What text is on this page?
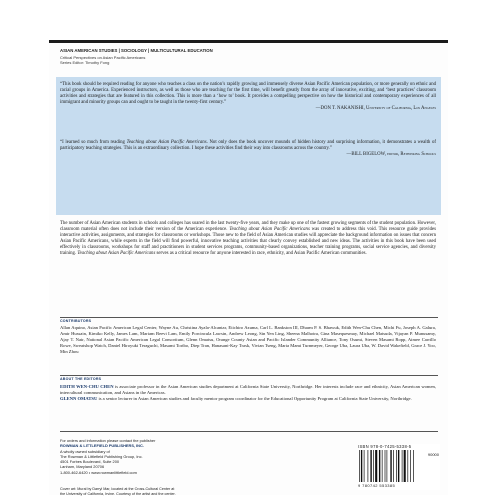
ASIAN AMERICAN STUDIES | SOCIOLOGY | MULTICULTURAL EDUCATION
Critical Perspectives on Asian Pacific Americans
Series Editor: Timothy Fong
“This book should be required reading for anyone who teaches a class on the nation’s rapidly growing and immensely diverse Asian Pacific American population, or more generally on ethnic and racial groups in America. Experienced instructors, as well as those who are teaching for the first time, will benefit greatly from the array of innovative, exciting, and ‘best practices’ classroom activities and strategies that are featured in this collection. This is more than a ‘how to’ book. It provides a compelling perspective on how the historical and contemporary experiences of all immigrant and minority groups can and ought to be taught in the twenty-first century.”
—DON T. NAKANISHI, University of California, Los Angeles
“I learned so much from reading Teaching about Asian Pacific Americans. Not only does the book uncover mounds of hidden history and surprising information, it demonstrates a wealth of participatory teaching strategies. This is an extraordinary collection. I hope these activities find their way into classrooms across the country.”
—BILL BIGELOW, editor, Rethinking Schools
The number of Asian American students in schools and colleges has soared in the last twenty-five years, and they make up one of the fastest growing segments of the student population. However, classroom material often does not include their version of the American experience. Teaching about Asian Pacific Americans was created to address this void. This resource guide provides interactive activities, assignments, and strategies for classrooms or workshops. Those new to the field of Asian American studies will appreciate the background information on issues that concern Asian Pacific Americans, while experts in the field will find powerful, innovative teaching activities that clearly convey established and new ideas. The activities in this book have been used effectively in classrooms, workshops for staff and practitioners in student services programs, community-based organizations, teacher training programs, social service agencies, and diversity training. Teaching about Asian Pacific Americans serves as a critical resource for anyone interested in race, ethnicity, and Asian Pacific American communities.
CONTRIBUTORS
Allan Aquino, Asian Pacific American Legal Center, Wayne Au, Christina Ayala-Alcantar, Eiichiro Azuma, Carl L. Bankston III, Dharm P. S. Bhawuk, Edith Wen-Chu Chen, Michi Fu, Joseph A. Galura, Amir Hussain, Kimiko Kelly, James Lam, Mariam Beevi Lam, Emily Porcincula Lawsin, Andrew Leong, Sin Yen Ling, Sheena Malhotra, Gina Masequesmay, Michael Matsuda, Vijayan P. Munusamy, Ajay T. Nair, National Asian Pacific American Legal Consortium, Glenn Omatsu, Orange County Asian and Pacific Islander Community Alliance, Tony Osumi, Steven Masami Ropp, Aimee Carrillo Rowe, Sweatshop Watch, Daniel Hiroyuki Teraguchi, Masami Toribo, Diep Tran, Hanasani-Kay Trask, Vivian Tseng, Maria Mami Turnmeyer, George Uba, Laura Uba, W. David Wakefield, Grace J. Yoo, Min Zhou
ABOUT THE EDITORS
EDITH WEN-CHU CHEN is associate professor in the Asian American studies department at California State University, Northridge. Her interests include race and ethnicity, Asian American women, intercultural communication, and Asians in the Americas.
GLENN OMATSU is a senior lecturer in Asian American studies and faculty mentor program coordinator for the Educational Opportunity Program at California State University, Northridge.
For orders and information please contact the publisher
ROWMAN & LITTLEFIELD PUBLISHERS, INC.
A wholly owned subsidiary of
The Rowman & Littlefield Publishing Group, Inc.
4501 Forbes Boulevard, Suite 200
Lanham, Maryland 20706
1-800-462-6420 • www.rowmanlittlefield.com
Cover art: Mural by Darryl Mar, located at the Cross-Cultural Center at
the University of California, Irvine. Courtesy of the artist and the center.
ISBN 978-0-7425-5338-5
90000
9 780742 553385
